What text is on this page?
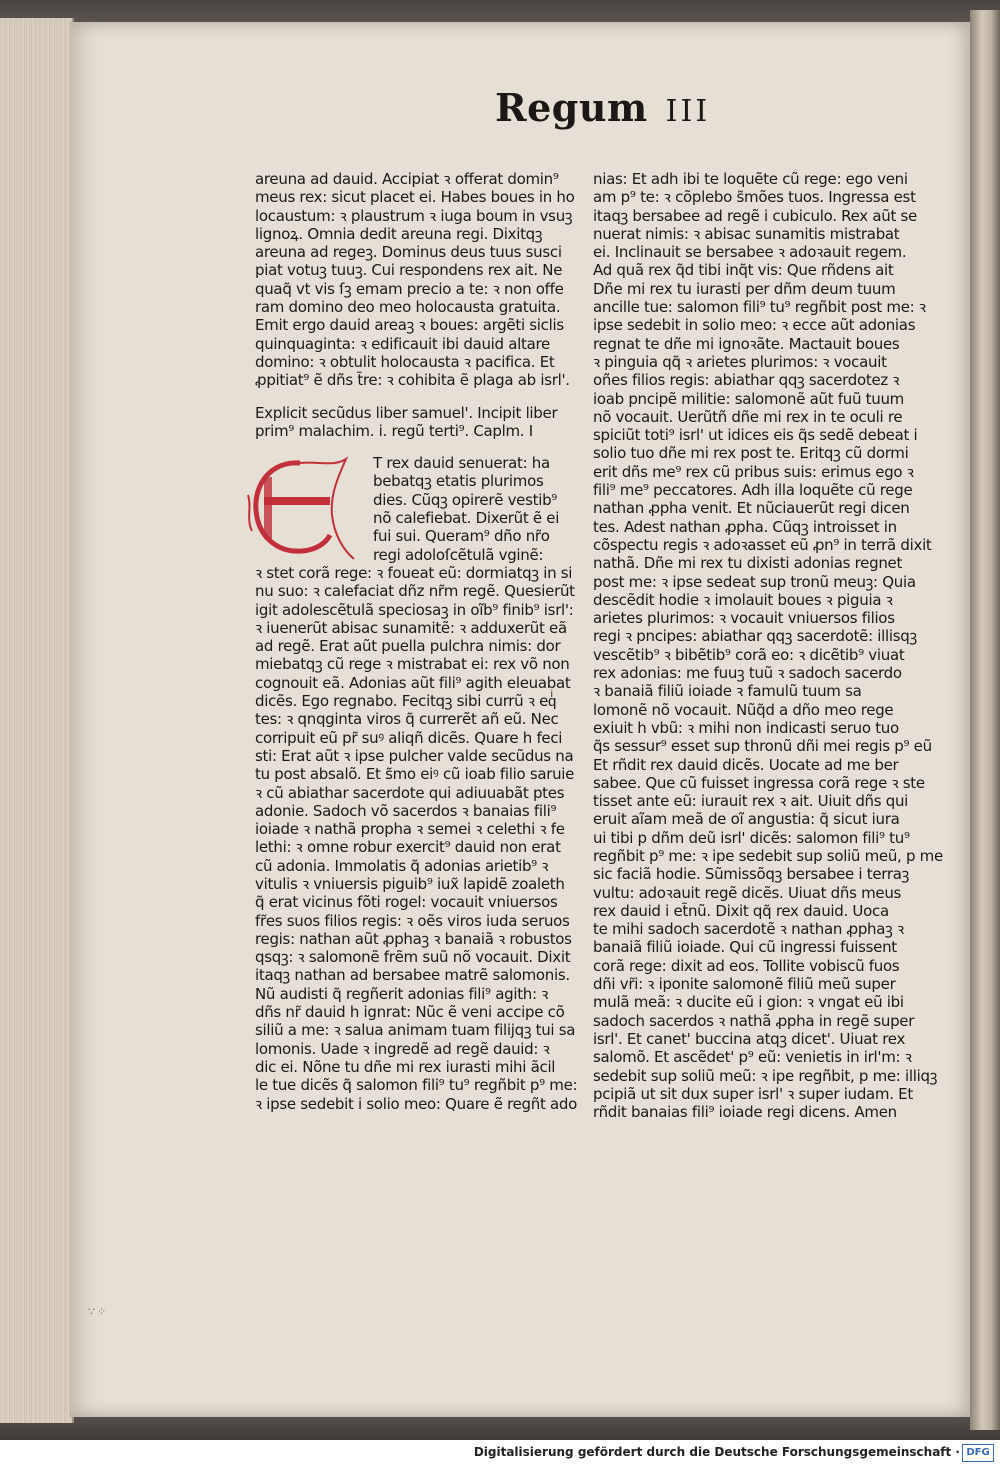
Regum III
areuna ad dauid. Accipiat ꝛ offerat domin⁹
meus rex: sicut placet ei. Habes boues in ho
locaustum: ꝛ plaustrum ꝛ iuga boum in vsuꝫ
lignoꝝ. Omnia dedit areuna regi. Dixitqꝫ
areuna ad regeꝫ. Dominus deus tuus susci
piat votuꝫ tuuꝫ. Cui respondens rex ait. Ne
quaq̃ vt vis ſꝫ emam precio a te: ꝛ non offe
ram domino deo meo holocausta gratuita.
Emit ergo dauid areaꝫ ꝛ boues: argẽti siclis
quinquaginta: ꝛ edificauit ibi dauid altare
domino: ꝛ obtulit holocausta ꝛ pacifica. Et
ꝓpitiat⁹ ẽ dñs t̃re: ꝛ cohibita ẽ plaga ab isrl'.
Explicit secũdus liber samuel'. Incipit liber
prim⁹ malachim. i. regũ terti⁹. Caplm. I
T rex dauid senuerat: ha
bebatqꝫ etatis plurimos
dies. Cũqꝫ opirerẽ vestib⁹
nõ calefiebat. Dixerũt ẽ ei
fui sui. Queram⁹ dño nr̃o
regi adoloſcẽtulã vginẽ:
ꝛ stet corã rege: ꝛ foueat eũ: dormiatqꝫ in si
nu suo: ꝛ calefaciat dñz nr̃m regẽ. Quesierũt
igit adolescẽtulã speciosaꝫ in oĩb⁹ finib⁹ isrl':
ꝛ iuenerũt abisac sunamitẽ: ꝛ adduxerũt eã
ad regẽ. Erat aũt puella pulchra nimis: dor
miebatqꝫ cũ rege ꝛ mistrabat ei: rex võ non
cognouit eã. Adonias aũt fili⁹ agith eleuabat
dicẽs. Ego regnabo. Fecitqꝫ sibi currũ ꝛ eqͥ
tes: ꝛ qnqginta viros q̃ currerẽt añ eũ. Nec
corripuit eũ pr̃ suꝰ aliqñ dicẽs. Quare h feci
sti: Erat aũt ꝛ ipse pulcher valde secũdus na
tu post absalõ. Et s̃mo eiꝰ cũ ioab filio saruie
ꝛ cũ abiathar sacerdote qui adiuuabãt ptes
adonie. Sadoch võ sacerdos ꝛ banaias fili⁹
ioiade ꝛ nathã propha ꝛ semei ꝛ celethi ꝛ fe
lethi: ꝛ omne robur exercit⁹ dauid non erat
cũ adonia. Immolatis q̃ adonias arietib⁹ ꝛ
vitulis ꝛ vniuersis piguib⁹ iux̃ lapidẽ zoaleth
q̃ erat vicinus fõti rogel: vocauit vniuersos
fr̃es suos filios regis: ꝛ oẽs viros iuda seruos
regis: nathan aũt ꝓphaꝫ ꝛ banaiã ꝛ robustos
qsqꝫ: ꝛ salomonẽ frẽm suũ nõ vocauit. Dixit
itaqꝫ nathan ad bersabee matrẽ salomonis.
Nũ audisti q̃ regñerit adonias fili⁹ agith: ꝛ
dñs nr̃ dauid h ignrat: Nũc ẽ veni accipe cõ
siliũ a me: ꝛ salua animam tuam filijqꝫ tui sa
lomonis. Uade ꝛ ingredẽ ad regẽ dauid: ꝛ
dic ei. Nõne tu dñe mi rex iurasti mihi ãcil
le tue dicẽs q̃ salomon fili⁹ tu⁹ regñbit p⁹ me:
ꝛ ipse sedebit i solio meo: Quare ẽ regñt ado
nias: Et adh ibi te loquẽte cũ rege: ego veni
am p⁹ te: ꝛ cõplebo s̃mões tuos. Ingressa est
itaqꝫ bersabee ad regẽ i cubiculo. Rex aũt se
nuerat nimis: ꝛ abisac sunamitis mistrabat
ei. Inclinauit se bersabee ꝛ adoꝛauit regem.
Ad quã rex q̃d tibi inq̃t vis: Que rñdens ait
Dñe mi rex tu iurasti per dñm deum tuum
ancille tue: salomon fili⁹ tu⁹ regñbit post me: ꝛ
ipse sedebit in solio meo: ꝛ ecce aũt adonias
regnat te dñe mi ignoꝛãte. Mactauit boues
ꝛ pinguia qq̃ ꝛ arietes plurimos: ꝛ vocauit
oñes filios regis: abiathar qqꝫ sacerdotez ꝛ
ioab pncipẽ militie: salomonẽ aũt fuũ tuum
nõ vocauit. Uerũtñ dñe mi rex in te oculi re
spiciũt toti⁹ isrl' ut idices eis q̃s sedẽ debeat i
solio tuo dñe mi rex post te. Eritqꝫ cũ dormi
erit dñs me⁹ rex cũ pribus suis: erimus ego ꝛ
fili⁹ me⁹ peccatores. Adh illa loquẽte cũ rege
nathan ꝓpha venit. Et nũciauerũt regi dicen
tes. Adest nathan ꝓpha. Cũqꝫ introisset in
cõspectu regis ꝛ adoꝛasset eũ ꝓn⁹ in terrã dixit
nathã. Dñe mi rex tu dixisti adonias regnet
post me: ꝛ ipse sedeat sup tronũ meuꝫ: Quia
descẽdit hodie ꝛ imolauit boues ꝛ piguia ꝛ
arietes plurimos: ꝛ vocauit vniuersos filios
regi ꝛ pncipes: abiathar qqꝫ sacerdotẽ: illisqꝫ
vescẽtib⁹ ꝛ bibẽtib⁹ corã eo: ꝛ dicẽtib⁹ viuat
rex adonias: me fuuꝫ tuũ ꝛ sadoch sacerdo
ꝛ banaiã filiũ ioiade ꝛ famulũ tuum sa
lomonẽ nõ vocauit. Nũq̃d a dño meo rege
exiuit h vbũ: ꝛ mihi non indicasti seruo tuo
q̃s sessur⁹ esset sup thronũ dñi mei regis p⁹ eũ
Et rñdit rex dauid dicẽs. Uocate ad me ber
sabee. Que cũ fuisset ingressa corã rege ꝛ ste
tisset ante eũ: iurauit rex ꝛ ait. Uiuit dñs qui
eruit aĩam meã de oĩ angustia: q̃ sicut iura
ui tibi p dñm deũ isrl' dicẽs: salomon fili⁹ tu⁹
regñbit p⁹ me: ꝛ ipe sedebit sup soliũ meũ, p me
sic faciã hodie. Sũmissõqꝫ bersabee i terraꝫ
vultu: adoꝛauit regẽ dicẽs. Uiuat dñs meus
rex dauid i et̃nũ. Dixit qq̃ rex dauid. Uoca
te mihi sadoch sacerdotẽ ꝛ nathan ꝓphaꝫ ꝛ
banaiã filiũ ioiade. Qui cũ ingressi fuissent
corã rege: dixit ad eos. Tollite vobiscũ fuos
dñi vr̃i: ꝛ iponite salomonẽ filiũ meũ super
mulã meã: ꝛ ducite eũ i gion: ꝛ vngat eũ ibi
sadoch sacerdos ꝛ nathã ꝓpha in regẽ super
isrl'. Et canet' buccina atqꝫ dicet'. Uiuat rex
salomõ. Et ascẽdet' p⁹ eũ: venietis in irl'm: ꝛ
sedebit sup soliũ meũ: ꝛ ipe regñbit, p me: illiqꝫ
pcipiã ut sit dux super isrl' ꝛ super iudam. Et
rñdit banaias fili⁹ ioiade regi dicens. Amen
∵⁘
Digitalisierung gefördert durch die Deutsche Forschungsgemeinschaft · DFG
